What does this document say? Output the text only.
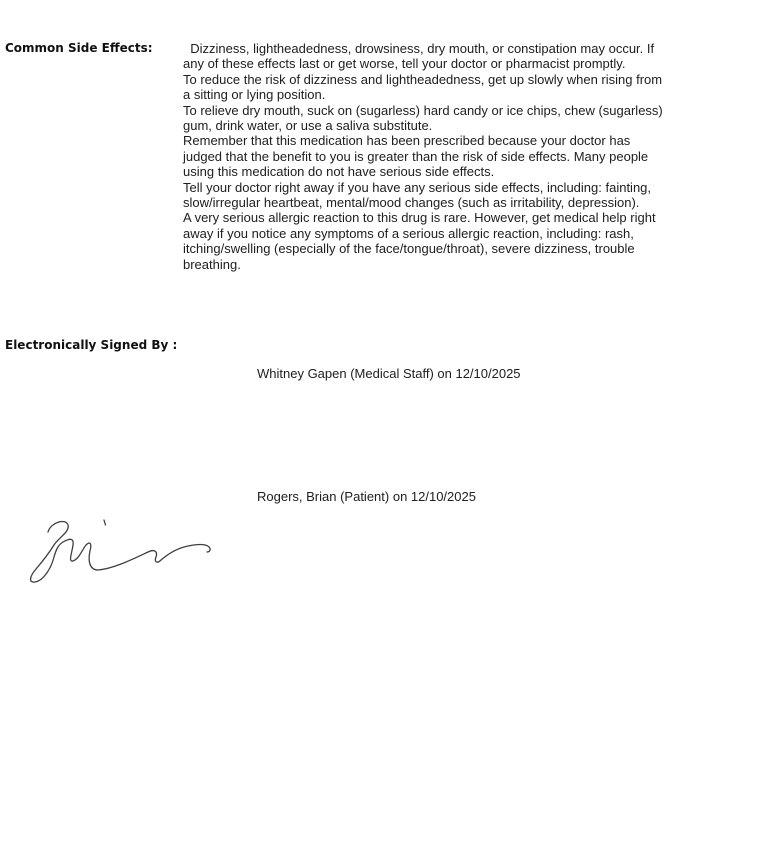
Common Side Effects: Dizziness, lightheadedness, drowsiness, dry mouth, or constipation may occur. If any of these effects last or get worse, tell your doctor or pharmacist promptly.

To reduce the risk of dizziness and lightheadedness, get up slowly when rising from a sitting or lying position.

To relieve dry mouth, suck on (sugarless) hard candy or ice chips, chew (sugarless) gum, drink water, or use a saliva substitute.

Remember that this medication has been prescribed because your doctor has judged that the benefit to you is greater than the risk of side effects. Many people using this medication do not have serious side effects.

Tell your doctor right away if you have any serious side effects, including: fainting, slow/irregular heartbeat, mental/mood changes (such as irritability, depression).

A very serious allergic reaction to this drug is rare. However, get medical help right away if you notice any symptoms of a serious allergic reaction, including: rash, itching/swelling (especially of the face/tongue/throat), severe dizziness, trouble breathing.

Electronically Signed By :
Whitney Gapen (Medical Staff) on 12/10/2025
Rogers, Brian (Patient) on 12/10/2025
